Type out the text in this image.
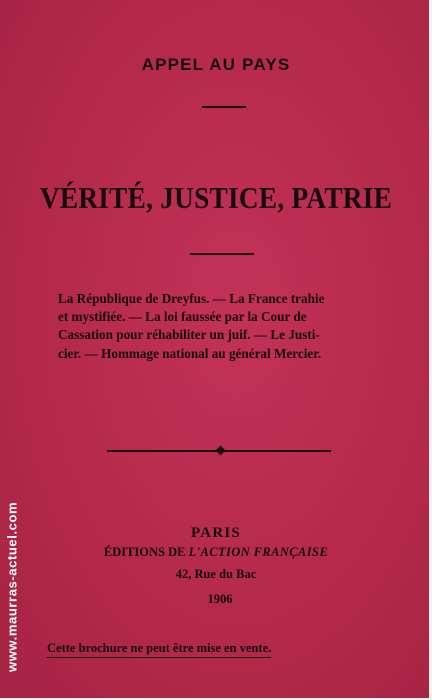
APPEL AU PAYS
VÉRITÉ, JUSTICE, PATRIE
La République de Dreyfus. — La France trahie
et mystifiée. — La loi faussée par la Cour de
Cassation pour réhabiliter un juif. — Le Justi-
cier. — Hommage national au général Mercier.
PARIS
ÉDITIONS DE L'ACTION FRANÇAISE
42, Rue du Bac
1906
Cette brochure ne peut être mise en vente.
www.maurras-actuel.com
